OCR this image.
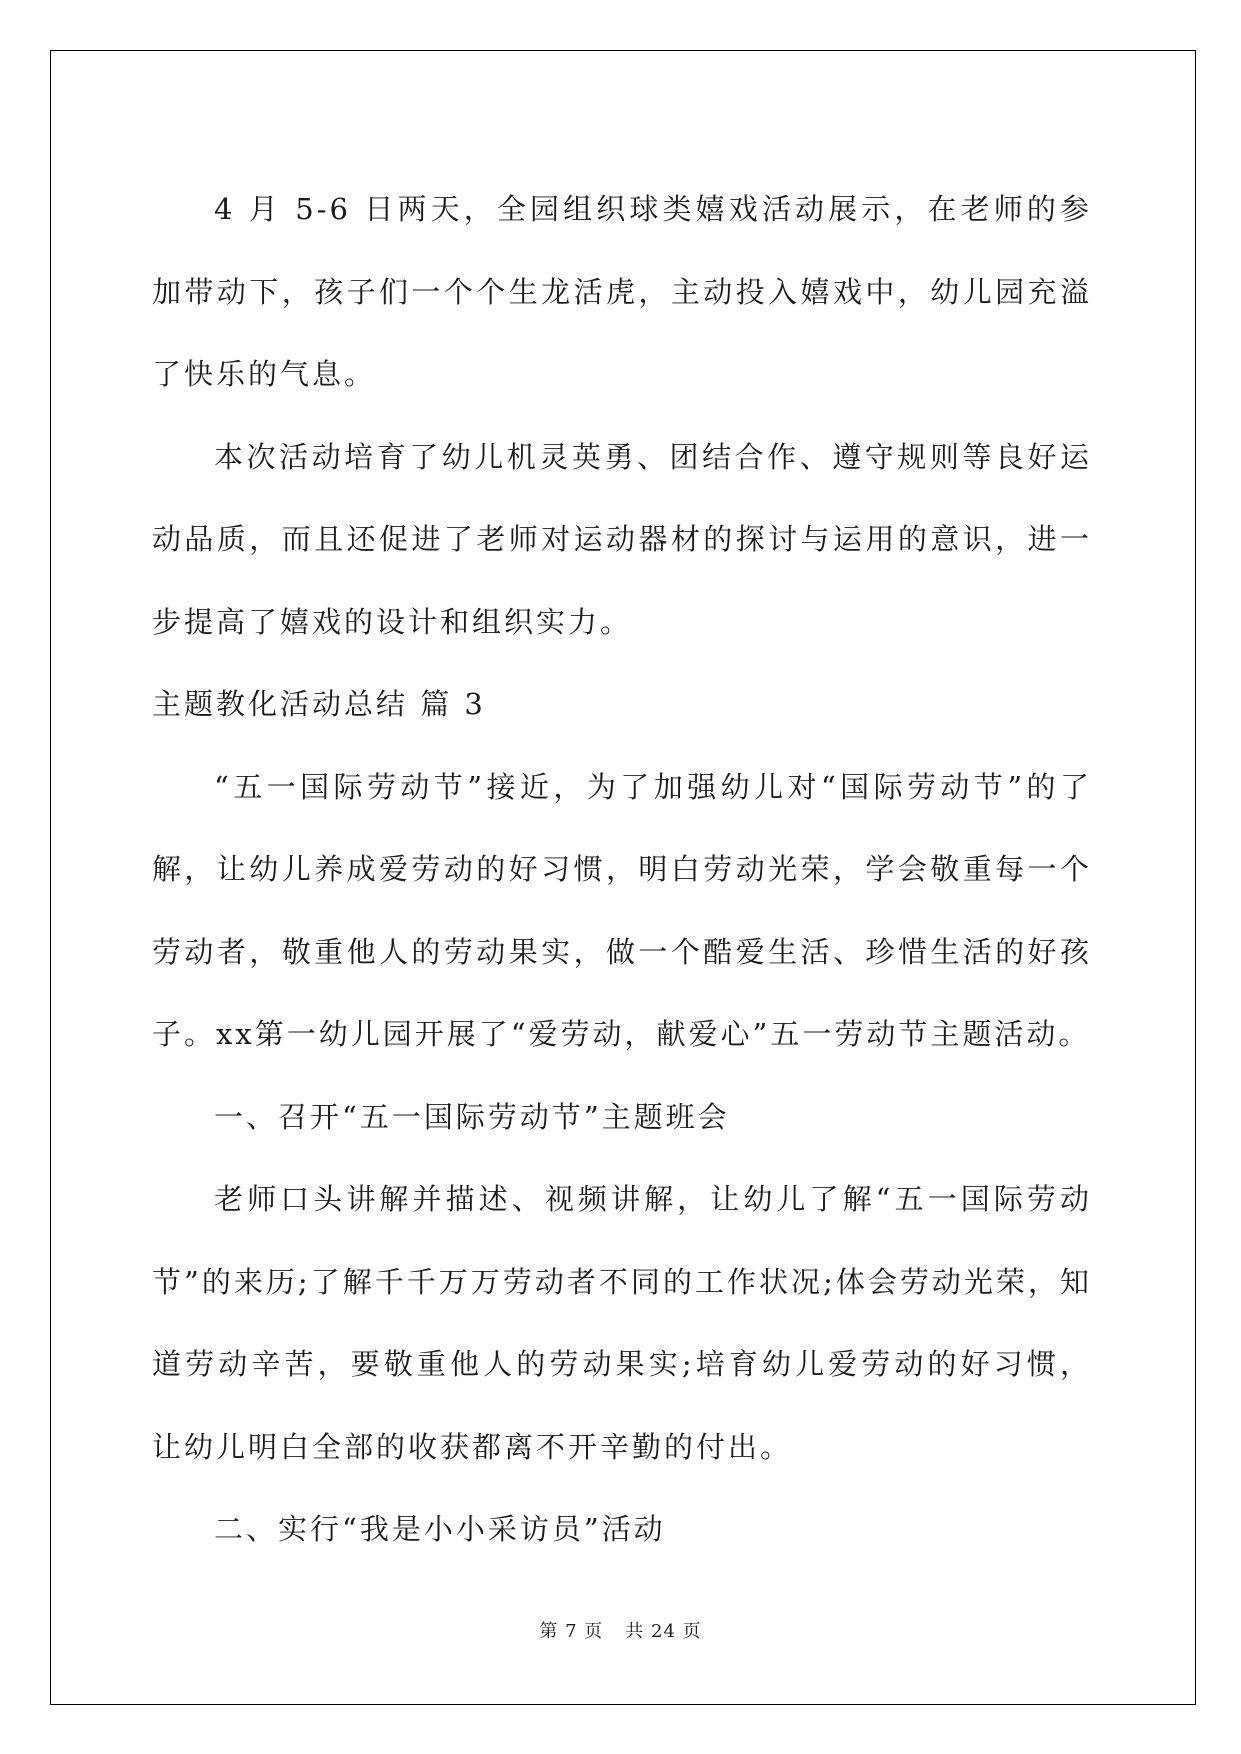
4 月 5-6 日两天，全园组织球类嬉戏活动展示，在老师的参加带动下，孩子们一个个生龙活虎，主动投入嬉戏中，幼儿园充溢了快乐的气息。

本次活动培育了幼儿机灵英勇、团结合作、遵守规则等良好运动品质，而且还促进了老师对运动器材的探讨与运用的意识，进一步提高了嬉戏的设计和组织实力。

主题教化活动总结 篇 3

“五一国际劳动节”接近，为了加强幼儿对“国际劳动节”的了解，让幼儿养成爱劳动的好习惯，明白劳动光荣，学会敬重每一个劳动者，敬重他人的劳动果实，做一个酷爱生活、珍惜生活的好孩子。xx第一幼儿园开展了“爱劳动，献爱心”五一劳动节主题活动。

一、召开“五一国际劳动节”主题班会

老师口头讲解并描述、视频讲解，让幼儿了解“五一国际劳动节”的来历;了解千千万万劳动者不同的工作状况;体会劳动光荣，知道劳动辛苦，要敬重他人的劳动果实;培育幼儿爱劳动的好习惯，让幼儿明白全部的收获都离不开辛勤的付出。

二、实行“我是小小采访员”活动

第 7 页 共 24 页
